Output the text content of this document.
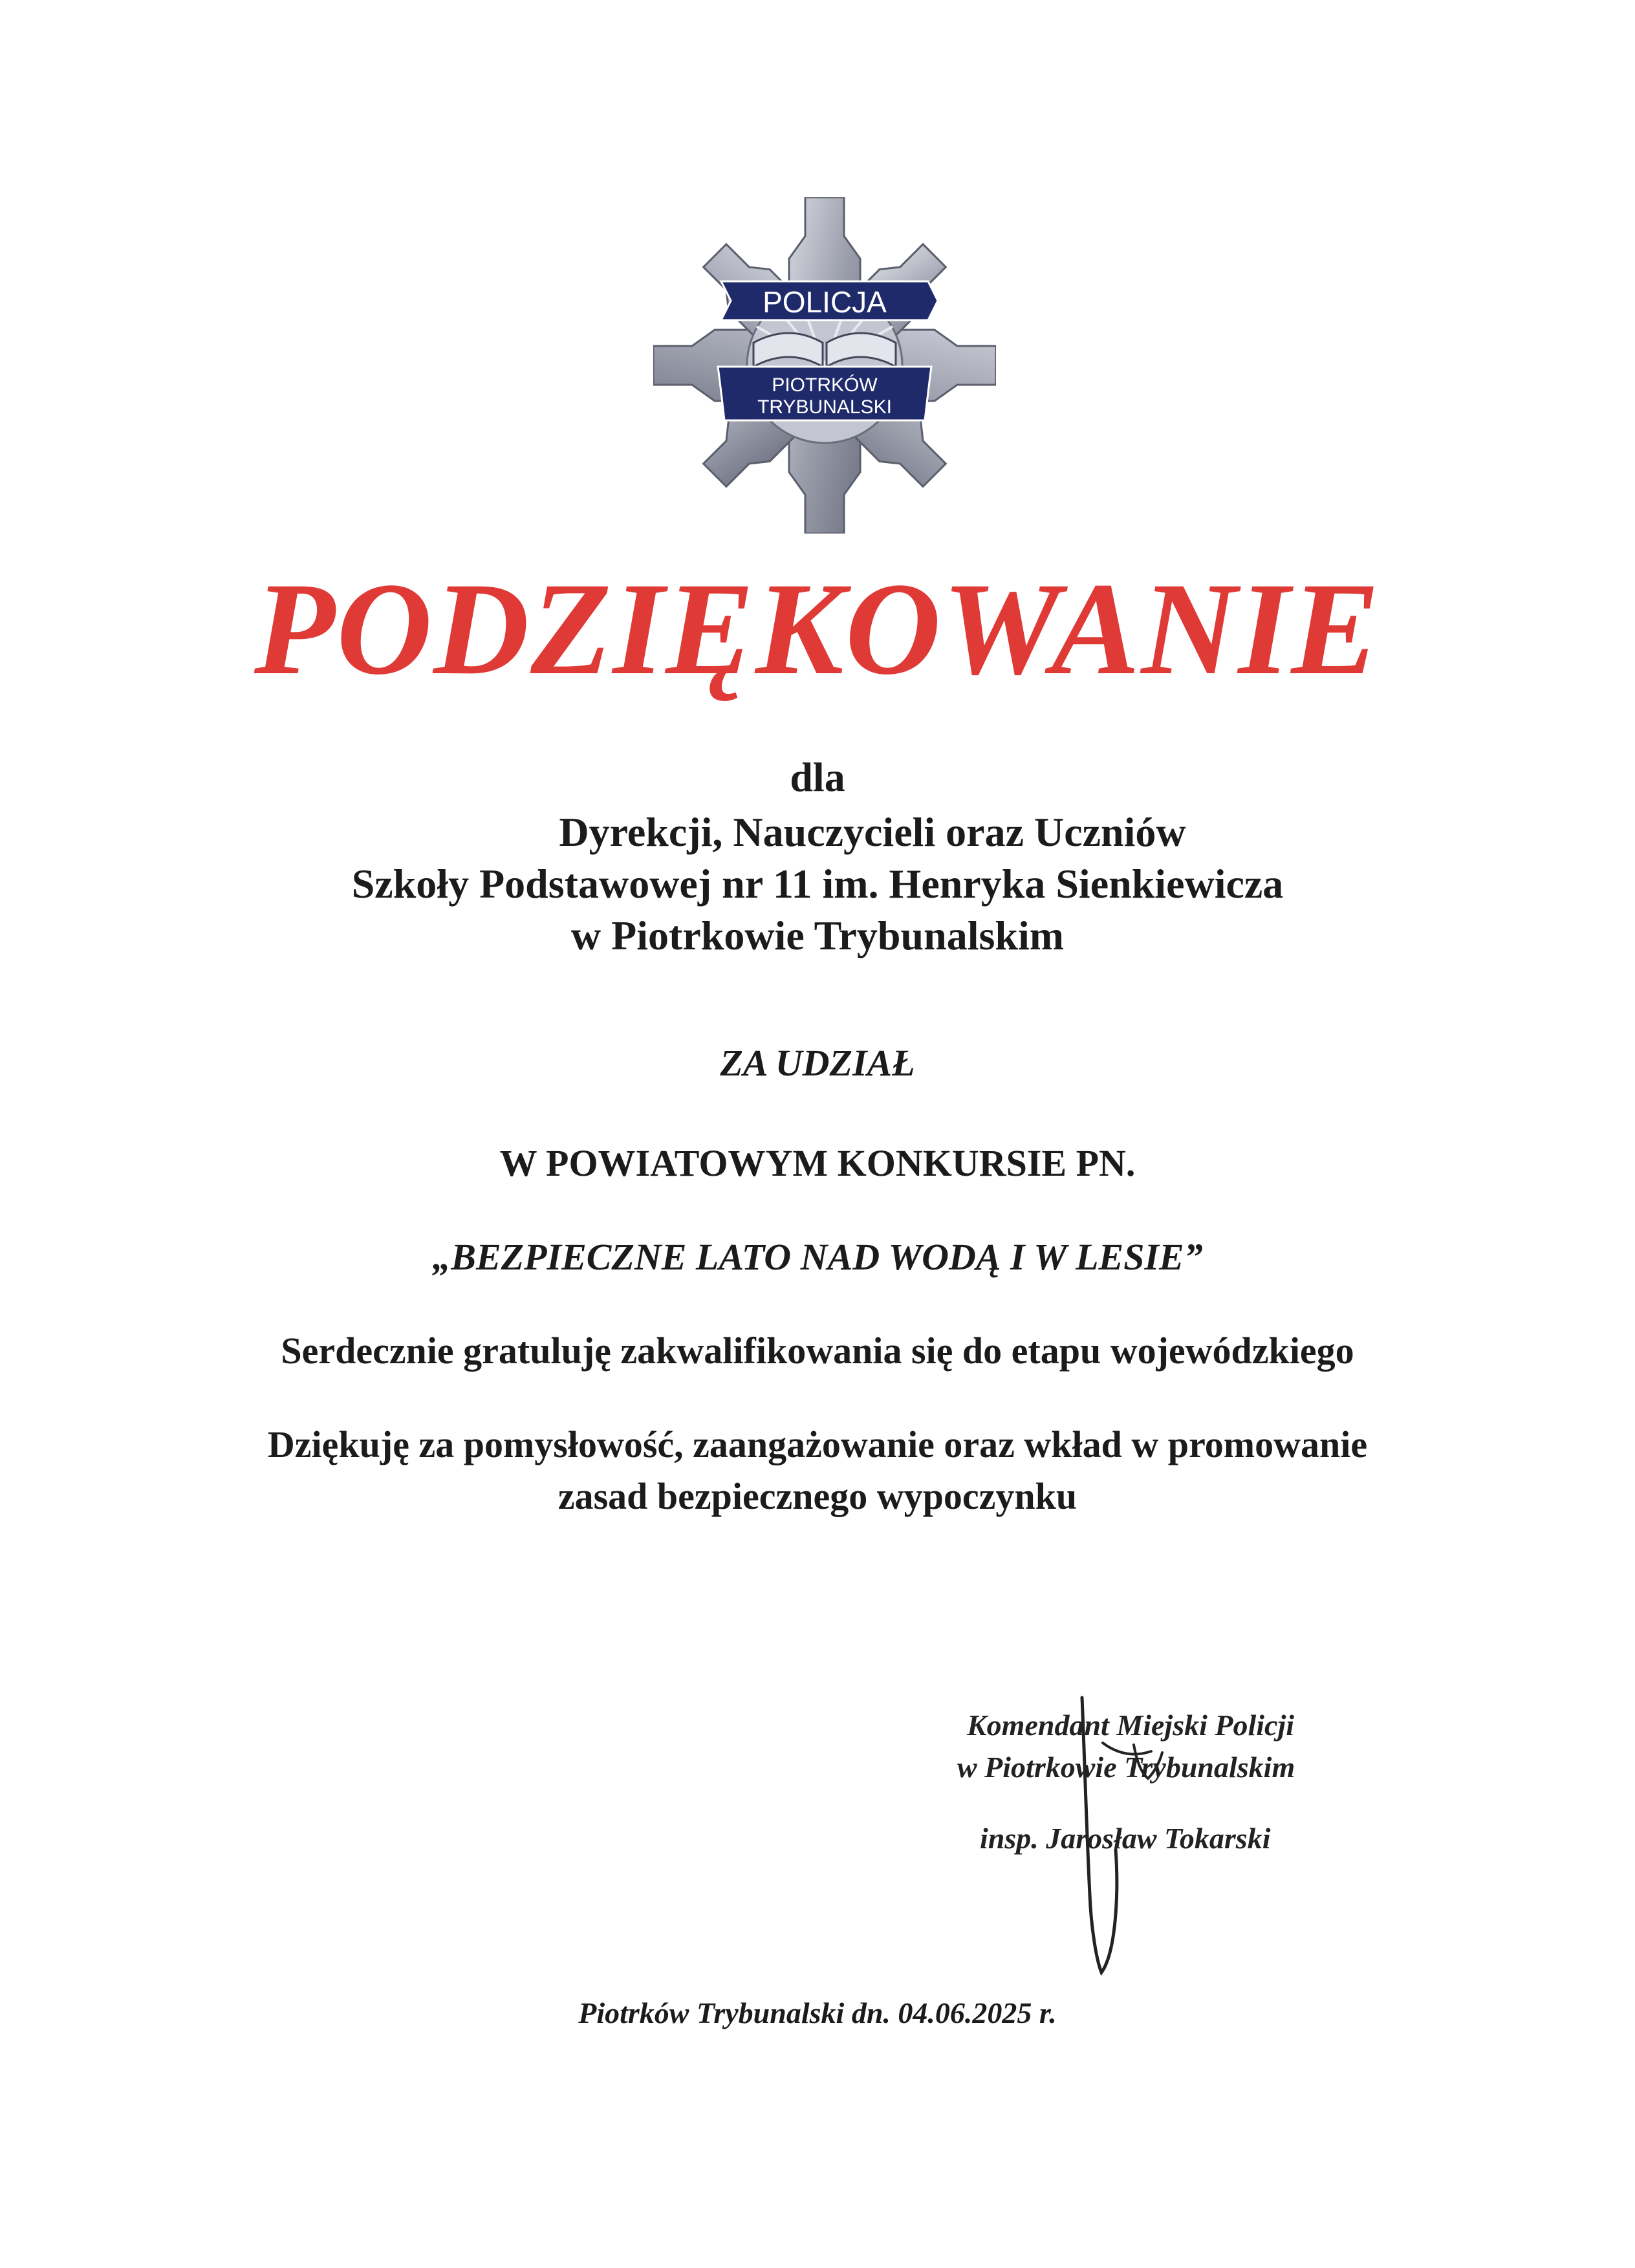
POLICJA
PIOTRKÓW
TRYBUNALSKI
PODZIĘKOWANIE
dla
Dyrekcji, Nauczycieli oraz Uczniów
Szkoły Podstawowej nr 11 im. Henryka Sienkiewicza
w Piotrkowie Trybunalskim
ZA UDZIAŁ
W POWIATOWYM KONKURSIE PN.
„BEZPIECZNE LATO NAD WODĄ I W LESIE”
Serdecznie gratuluję zakwalifikowania się do etapu wojewódzkiego
Dziękuję za pomysłowość, zaangażowanie oraz wkład w promowanie
zasad bezpiecznego wypoczynku
Komendant Miejski Policji
w Piotrkowie Trybunalskim
insp. Jarosław Tokarski
Piotrków Trybunalski dn. 04.06.2025 r.
